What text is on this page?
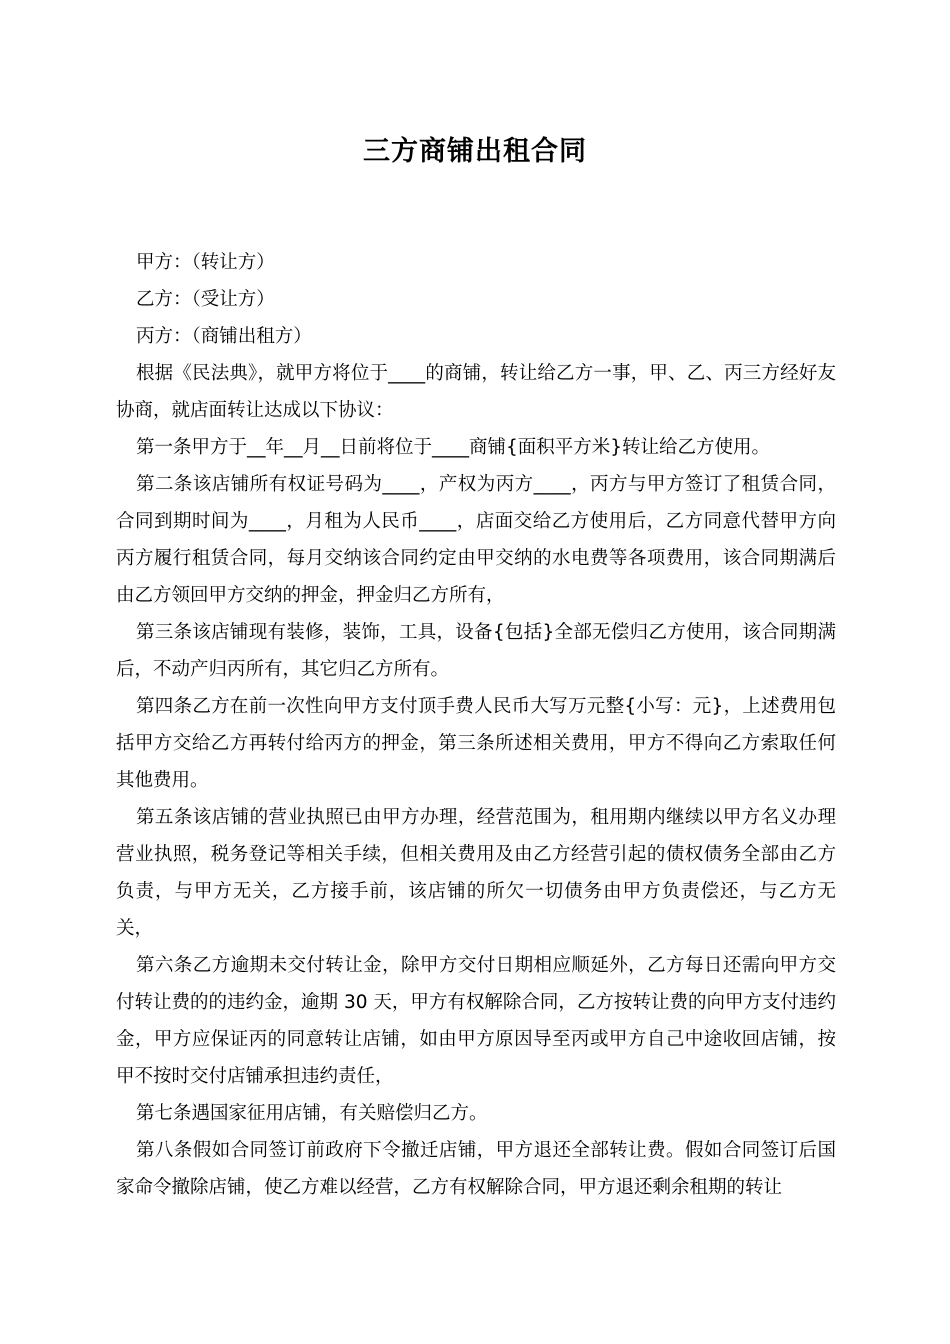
三方商铺出租合同

甲方：（转让方）

乙方：（受让方）

丙方：（商铺出租方）

根据《民法典》，就甲方将位于____的商铺，转让给乙方一事，甲、乙、丙三方经好友协商，就店面转让达成以下协议：

第一条甲方于__年__月__日前将位于____商铺{面积平方米}转让给乙方使用。

第二条该店铺所有权证号码为____，产权为丙方____，丙方与甲方签订了租赁合同，合同到期时间为____，月租为人民币____，店面交给乙方使用后，乙方同意代替甲方向丙方履行租赁合同，每月交纳该合同约定由甲交纳的水电费等各项费用，该合同期满后由乙方领回甲方交纳的押金，押金归乙方所有，

第三条该店铺现有装修，装饰，工具，设备{包括}全部无偿归乙方使用，该合同期满后，不动产归丙所有，其它归乙方所有。

第四条乙方在前一次性向甲方支付顶手费人民币大写万元整{小写：元}，上述费用包括甲方交给乙方再转付给丙方的押金，第三条所述相关费用，甲方不得向乙方索取任何其他费用。

第五条该店铺的营业执照已由甲方办理，经营范围为，租用期内继续以甲方名义办理营业执照，税务登记等相关手续，但相关费用及由乙方经营引起的债权债务全部由乙方负责，与甲方无关，乙方接手前，该店铺的所欠一切债务由甲方负责偿还，与乙方无关，

第六条乙方逾期未交付转让金，除甲方交付日期相应顺延外，乙方每日还需向甲方交付转让费的的违约金，逾期 30 天，甲方有权解除合同，乙方按转让费的向甲方支付违约金，甲方应保证丙的同意转让店铺，如由甲方原因导至丙或甲方自己中途收回店铺，按甲不按时交付店铺承担违约责任，

第七条遇国家征用店铺，有关赔偿归乙方。

第八条假如合同签订前政府下令撤迁店铺，甲方退还全部转让费。假如合同签订后国家命令撤除店铺，使乙方难以经营，乙方有权解除合同，甲方退还剩余租期的转让
